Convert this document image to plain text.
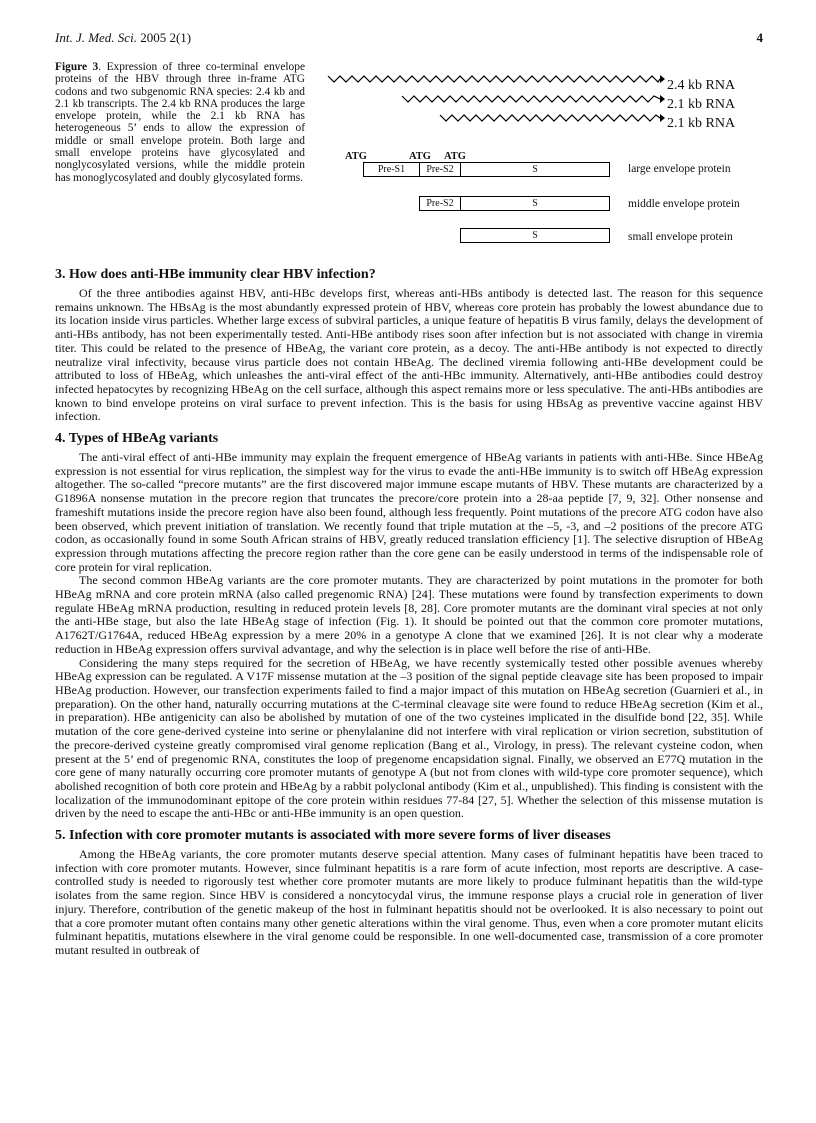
Int. J. Med. Sci. 2005 2(1)	4

Figure 3. Expression of three co-terminal envelope proteins of the HBV through three in-frame ATG codons and two subgenomic RNA species: 2.4 kb and 2.1 kb transcripts. The 2.4 kb RNA produces the large envelope protein, while the 2.1 kb RNA has heterogeneous 5’ ends to allow the expression of middle or small envelope protein. Both large and small envelope proteins have glycosylated and nonglycosylated versions, while the middle protein has monoglycosylated and doubly glycosylated forms.

2.4 kb RNA
2.1 kb RNA
2.1 kb RNA
ATG	ATG ATG
Pre-S1	Pre-S2	S	large envelope protein
Pre-S2	S	middle envelope protein
S	small envelope protein
3. How does anti-HBe immunity clear HBV infection?

Of the three antibodies against HBV, anti-HBc develops first, whereas anti-HBs antibody is detected last. The reason for this sequence remains unknown. The HBsAg is the most abundantly expressed protein of HBV, whereas core protein has probably the lowest abundance due to its location inside virus particles. Whether large excess of subviral particles, a unique feature of hepatitis B virus family, delays the development of anti-HBs antibody, has not been experimentally tested. Anti-HBe antibody rises soon after infection but is not associated with change in viremia titer. This could be related to the presence of HBeAg, the variant core protein, as a decoy. The anti-HBe antibody is not expected to directly neutralize viral infectivity, because virus particle does not contain HBeAg. The declined viremia following anti-HBe development could be attributed to loss of HBeAg, which unleashes the anti-viral effect of the anti-HBc immunity. Alternatively, anti-HBe antibodies could destroy infected hepatocytes by recognizing HBeAg on the cell surface, although this aspect remains more or less speculative. The anti-HBs antibodies are known to bind envelope proteins on viral surface to prevent infection. This is the basis for using HBsAg as preventive vaccine against HBV infection.

4. Types of HBeAg variants

The anti-viral effect of anti-HBe immunity may explain the frequent emergence of HBeAg variants in patients with anti-HBe. Since HBeAg expression is not essential for virus replication, the simplest way for the virus to evade the anti-HBe immunity is to switch off HBeAg expression altogether. The so-called “precore mutants” are the first discovered major immune escape mutants of HBV. These mutants are characterized by a G1896A nonsense mutation in the precore region that truncates the precore/core protein into a 28-aa peptide [7, 9, 32]. Other nonsense and frameshift mutations inside the precore region have also been found, although less frequently. Point mutations of the precore ATG codon have also been observed, which prevent initiation of translation. We recently found that triple mutation at the –5, -3, and –2 positions of the precore ATG codon, as occasionally found in some South African strains of HBV, greatly reduced translation efficiency [1]. The selective disruption of HBeAg expression through mutations affecting the precore region rather than the core gene can be easily understood in terms of the indispensable role of core protein for viral replication.

The second common HBeAg variants are the core promoter mutants. They are characterized by point mutations in the promoter for both HBeAg mRNA and core protein mRNA (also called pregenomic RNA) [24]. These mutations were found by transfection experiments to down regulate HBeAg mRNA production, resulting in reduced protein levels [8, 28]. Core promoter mutants are the dominant viral species at not only the anti-HBe stage, but also the late HBeAg stage of infection (Fig. 1). It should be pointed out that the common core promoter mutations, A1762T/G1764A, reduced HBeAg expression by a mere 20% in a genotype A clone that we examined [26]. It is not clear why a moderate reduction in HBeAg expression offers survival advantage, and why the selection is in place well before the rise of anti-HBe.

Considering the many steps required for the secretion of HBeAg, we have recently systemically tested other possible avenues whereby HBeAg expression can be regulated. A V17F missense mutation at the –3 position of the signal peptide cleavage site has been proposed to impair HBeAg production. However, our transfection experiments failed to find a major impact of this mutation on HBeAg secretion (Guarnieri et al., in preparation). On the other hand, naturally occurring mutations at the C-terminal cleavage site were found to reduce HBeAg secretion (Kim et al., in preparation). HBe antigenicity can also be abolished by mutation of one of the two cysteines implicated in the disulfide bond [22, 35]. While mutation of the core gene-derived cysteine into serine or phenylalanine did not interfere with viral replication or virion secretion, substitution of the precore-derived cysteine greatly compromised viral genome replication (Bang et al., Virology, in press). The relevant cysteine codon, when present at the 5’ end of pregenomic RNA, constitutes the loop of pregenome encapsidation signal. Finally, we observed an E77Q mutation in the core gene of many naturally occurring core promoter mutants of genotype A (but not from clones with wild-type core promoter sequence), which abolished recognition of both core protein and HBeAg by a rabbit polyclonal antibody (Kim et al., unpublished). This finding is consistent with the localization of the immunodominant epitope of the core protein within residues 77-84 [27, 5]. Whether the selection of this missense mutation is driven by the need to escape the anti-HBc or anti-HBe immunity is an open question.

5. Infection with core promoter mutants is associated with more severe forms of liver diseases

Among the HBeAg variants, the core promoter mutants deserve special attention. Many cases of fulminant hepatitis have been traced to infection with core promoter mutants. However, since fulminant hepatitis is a rare form of acute infection, most reports are descriptive. A case-controlled study is needed to rigorously test whether core promoter mutants are more likely to produce fulminant hepatitis than the wild-type isolates from the same region. Since HBV is considered a noncytocydal virus, the immune response plays a crucial role in generation of liver injury. Therefore, contribution of the genetic makeup of the host in fulminant hepatitis should not be overlooked. It is also necessary to point out that a core promoter mutant often contains many other genetic alterations within the viral genome. Thus, even when a core promoter mutant elicits fulminant hepatitis, mutations elsewhere in the viral genome could be responsible. In one well-documented case, transmission of a core promoter mutant resulted in outbreak of
